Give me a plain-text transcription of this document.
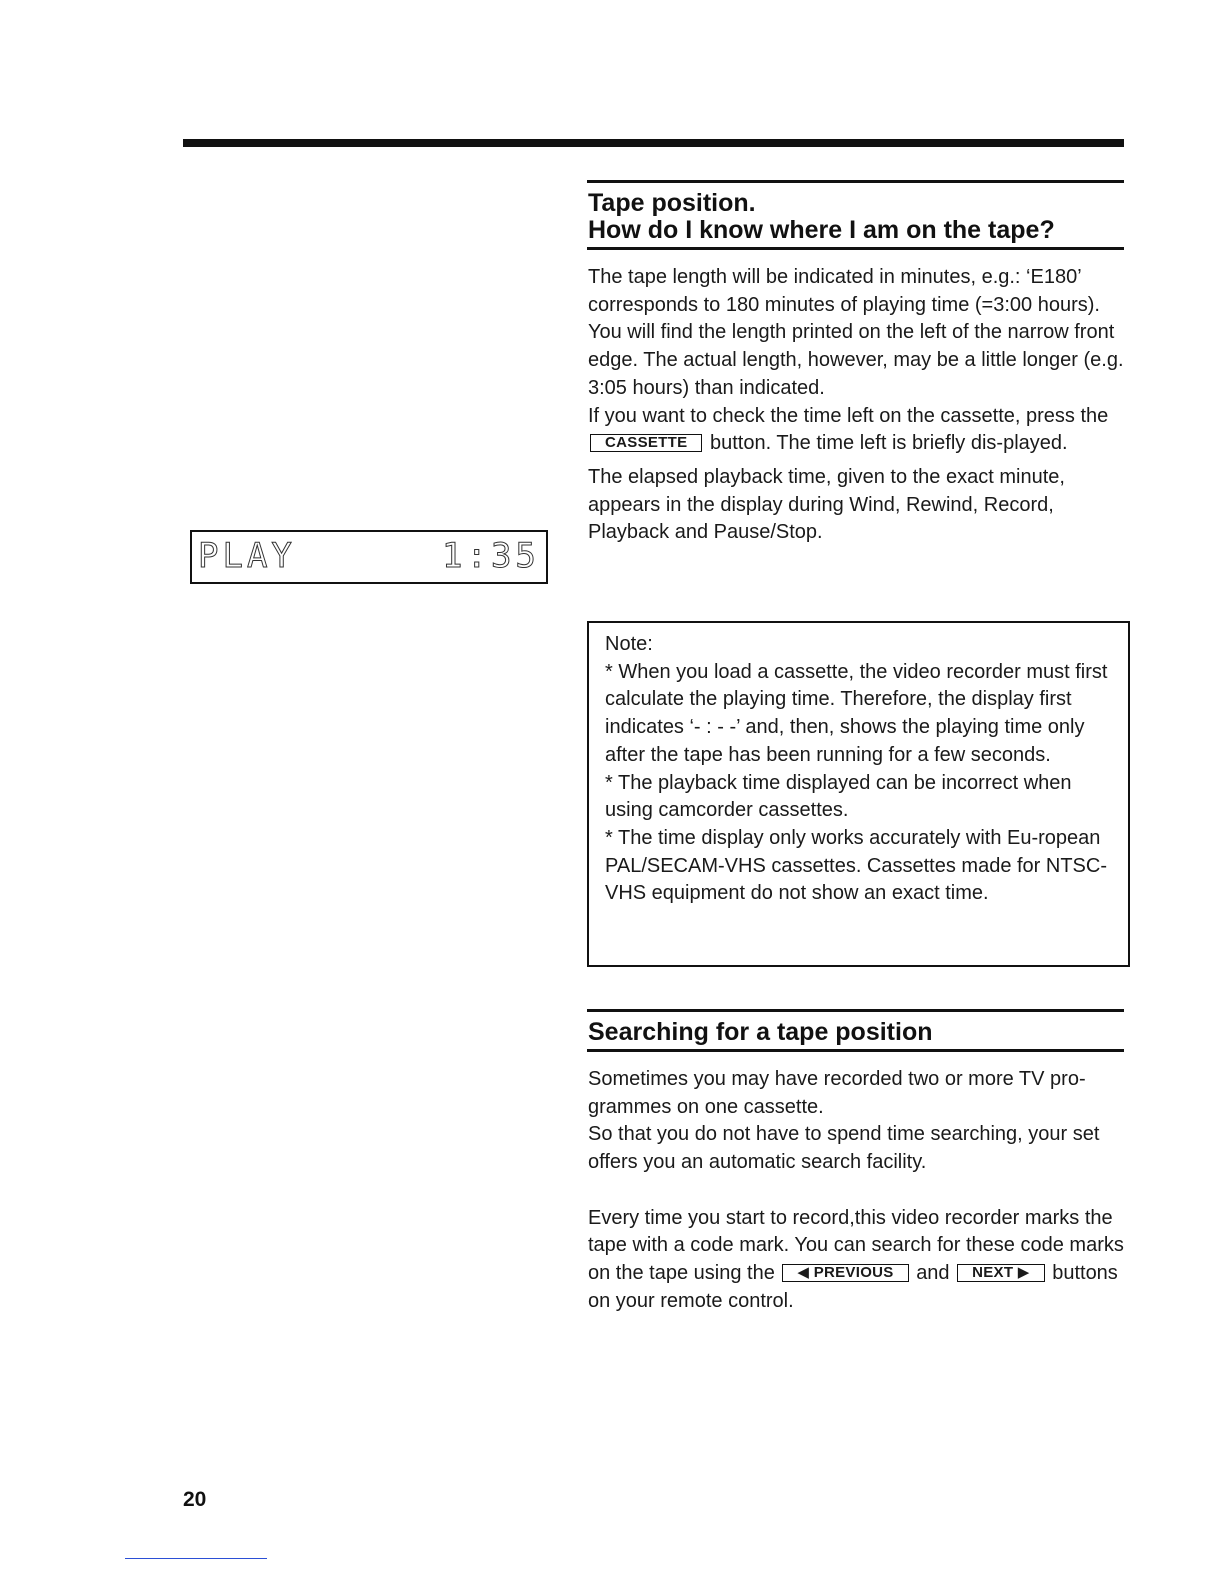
Tape position.
How do I know where I am on the tape?

The tape length will be indicated in minutes, e.g.: ‘E180’ corresponds to 180 minutes of playing time (=3:00 hours).

You will find the length printed on the left of the narrow front edge. The actual length, however, may be a little longer (e.g. 3:05 hours) than indicated.

If you want to check the time left on the cassette, press the CASSETTE button. The time left is briefly dis-played.

The elapsed playback time, given to the exact minute, appears in the display during Wind, Rewind, Record, Playback and Pause/Stop.

PLAY	1:35

Note:

* When you load a cassette, the video recorder must first calculate the playing time. Therefore, the display first indicates ‘- : - -’ and, then, shows the playing time only after the tape has been running for a few seconds.

* The playback time displayed can be incorrect when using camcorder cassettes.

* The time display only works accurately with Eu-ropean PAL/SECAM-VHS cassettes. Cassettes made for NTSC-VHS equipment do not show an exact time.

Searching for a tape position

Sometimes you may have recorded two or more TV pro-grammes on one cassette.

So that you do not have to spend time searching, your set offers you an automatic search facility.

Every time you start to record,this video recorder marks the tape with a code mark. You can search for these code marks on the tape using the ◀ PREVIOUS and NEXT ▶ buttons on your remote control.

20
